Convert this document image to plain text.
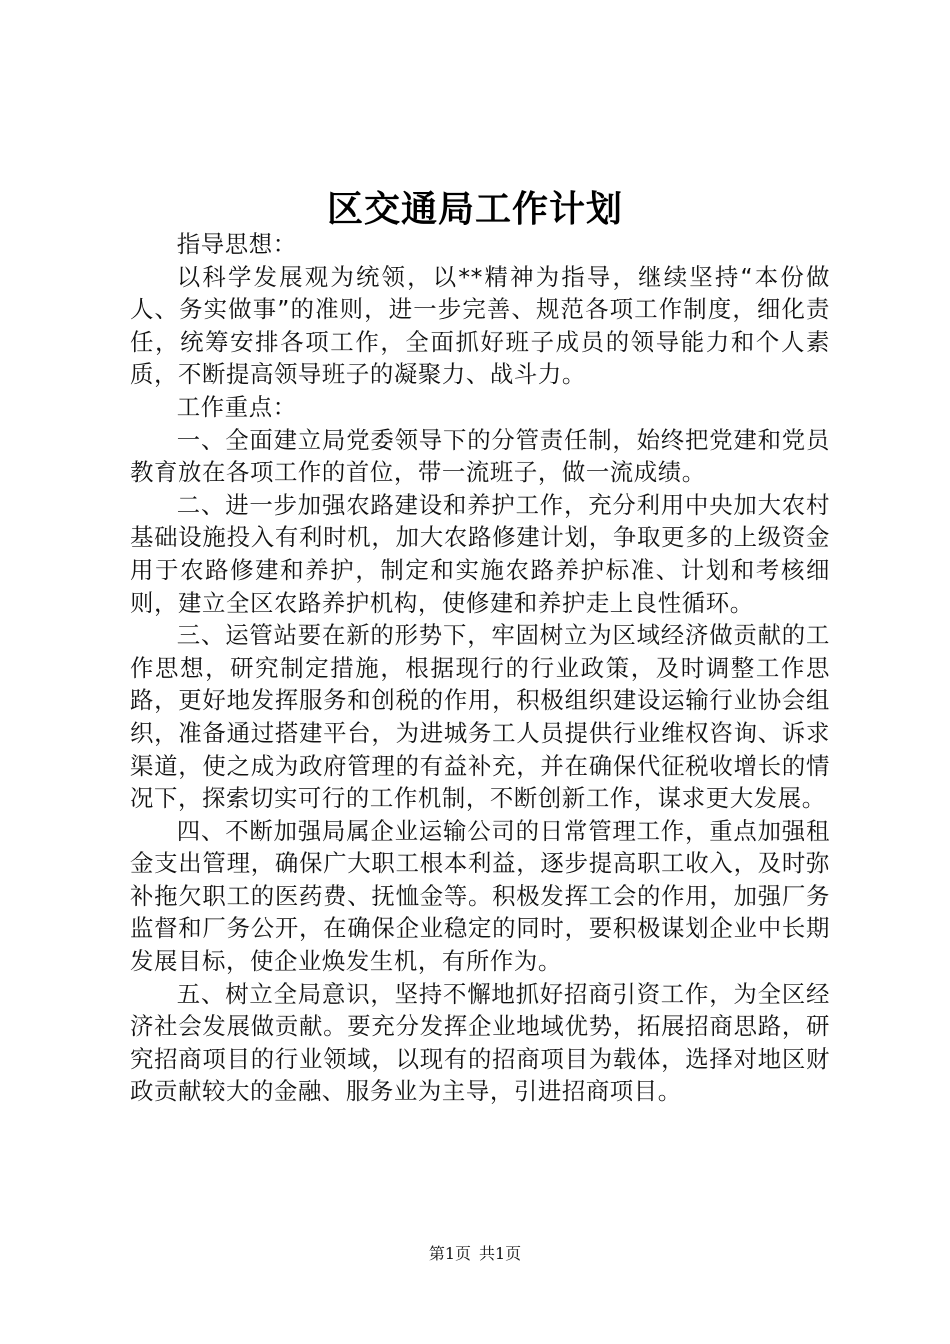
区交通局工作计划

指导思想：

以科学发展观为统领，以**精神为指导，继续坚持“本份做人、务实做事”的准则，进一步完善、规范各项工作制度，细化责任，统筹安排各项工作，全面抓好班子成员的领导能力和个人素质，不断提高领导班子的凝聚力、战斗力。

工作重点：

一、全面建立局党委领导下的分管责任制，始终把党建和党员教育放在各项工作的首位，带一流班子，做一流成绩。

二、进一步加强农路建设和养护工作，充分利用中央加大农村基础设施投入有利时机，加大农路修建计划，争取更多的上级资金用于农路修建和养护，制定和实施农路养护标准、计划和考核细则，建立全区农路养护机构，使修建和养护走上良性循环。

三、运管站要在新的形势下，牢固树立为区域经济做贡献的工作思想，研究制定措施，根据现行的行业政策，及时调整工作思路，更好地发挥服务和创税的作用，积极组织建设运输行业协会组织，准备通过搭建平台，为进城务工人员提供行业维权咨询、诉求渠道，使之成为政府管理的有益补充，并在确保代征税收增长的情况下，探索切实可行的工作机制，不断创新工作，谋求更大发展。

四、不断加强局属企业运输公司的日常管理工作，重点加强租金支出管理，确保广大职工根本利益，逐步提高职工收入，及时弥补拖欠职工的医药费、抚恤金等。积极发挥工会的作用，加强厂务监督和厂务公开，在确保企业稳定的同时，要积极谋划企业中长期发展目标，使企业焕发生机，有所作为。

五、树立全局意识，坚持不懈地抓好招商引资工作，为全区经济社会发展做贡献。要充分发挥企业地域优势，拓展招商思路，研究招商项目的行业领域，以现有的招商项目为载体，选择对地区财政贡献较大的金融、服务业为主导，引进招商项目。

第1页 共1页
